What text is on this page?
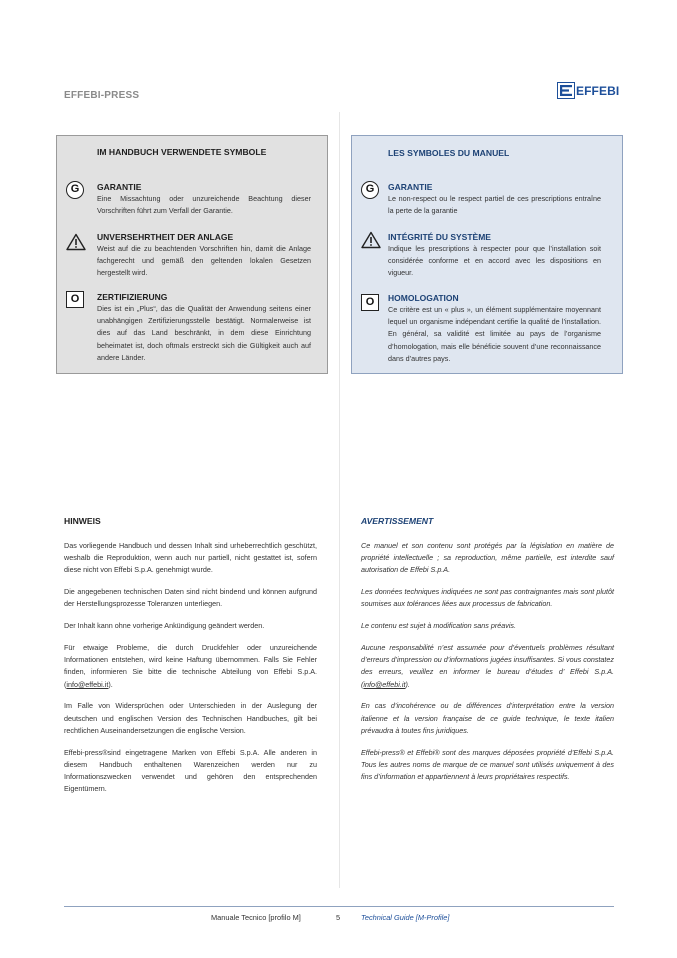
EFFEBI-PRESS	EFFEBI
IM HANDBUCH VERWENDETE SYMBOLE
G	GARANTIE
Eine Missachtung oder unzureichende Beachtung dieser Vorschriften führt zum Verfall der Garantie.
UNVERSEHRTHEIT DER ANLAGE
Weist auf die zu beachtenden Vorschriften hin, damit die Anlage fachgerecht und gemäß den geltenden lokalen Gesetzen hergestellt wird.
O	ZERTIFIZIERUNG
Dies ist ein „Plus“, das die Qualität der Anwendung seitens einer unabhängigen Zertifizierungsstelle bestätigt. Normalerweise ist dies auf das Land beschränkt, in dem diese Einrichtung beheimatet ist, doch oftmals erstreckt sich die Gültigkeit auch auf andere Länder.
LES SYMBOLES DU MANUEL
G	GARANTIE
Le non-respect ou le respect partiel de ces prescriptions entraîne la perte de la garantie
INTÉGRITÉ DU SYSTÈME
Indique les prescriptions à respecter pour que l’installation soit considérée conforme et en accord avec les dispositions en vigueur.
O	HOMOLOGATION
Ce critère est un « plus », un élément supplémentaire moyennant lequel un organisme indépendant certifie la qualité de l’installation. En général, sa validité est limitée au pays de l’organisme d’homologation, mais elle bénéficie souvent d’une reconnaissance dans d’autres pays.
HINWEIS

Das vorliegende Handbuch und dessen Inhalt sind urheberrechtlich geschützt, weshalb die Reproduktion, wenn auch nur partiell, nicht gestattet ist, sofern diese nicht von Effebi S.p.A. genehmigt wurde.

Die angegebenen technischen Daten sind nicht bindend und können aufgrund der Herstellungsprozesse Toleranzen unterliegen.

Der Inhalt kann ohne vorherige Ankündigung geändert werden.

Für etwaige Probleme, die durch Druckfehler oder unzureichende Informationen entstehen, wird keine Haftung übernommen. Falls Sie Fehler finden, informieren Sie bitte die technische Abteilung von Effebi S.p.A. (info@effebi.it).

Im Falle von Widersprüchen oder Unterschieden in der Auslegung der deutschen und englischen Version des Technischen Handbuches, gilt bei rechtlichen Auseinandersetzungen die englische Version.

Effebi-press®sind eingetragene Marken von Effebi S.p.A. Alle anderen in diesem Handbuch enthaltenen Warenzeichen werden nur zu Informationszwecken verwendet und gehören den entsprechenden Eigentümern.

AVERTISSEMENT

Ce manuel et son contenu sont protégés par la législation en matière de propriété intellectuelle ; sa reproduction, même partielle, est interdite sauf autorisation de Effebi S.p.A.

Les données techniques indiquées ne sont pas contraignantes mais sont plutôt soumises aux tolérances liées aux processus de fabrication.

Le contenu est sujet à modification sans préavis.

Aucune responsabilité n’est assumée pour d’éventuels problèmes résultant d’erreurs d’impression ou d’informations jugées insuffisantes. Si vous constatez des erreurs, veuillez en informer le bureau d’études d’ Effebi S.p.A. (info@effebi.it).

En cas d’incohérence ou de différences d’interprétation entre la version italienne et la version française de ce guide technique, le texte italien prévaudra à toutes fins juridiques.

Effebi-press® et Effebi® sont des marques déposées propriété d’Effebi S.p.A. Tous les autres noms de marque de ce manuel sont utilisés uniquement à des fins d’information et appartiennent à leurs propriétaires respectifs.

Manuale Tecnico [profilo M]	5	Technical Guide [M-Profile]
